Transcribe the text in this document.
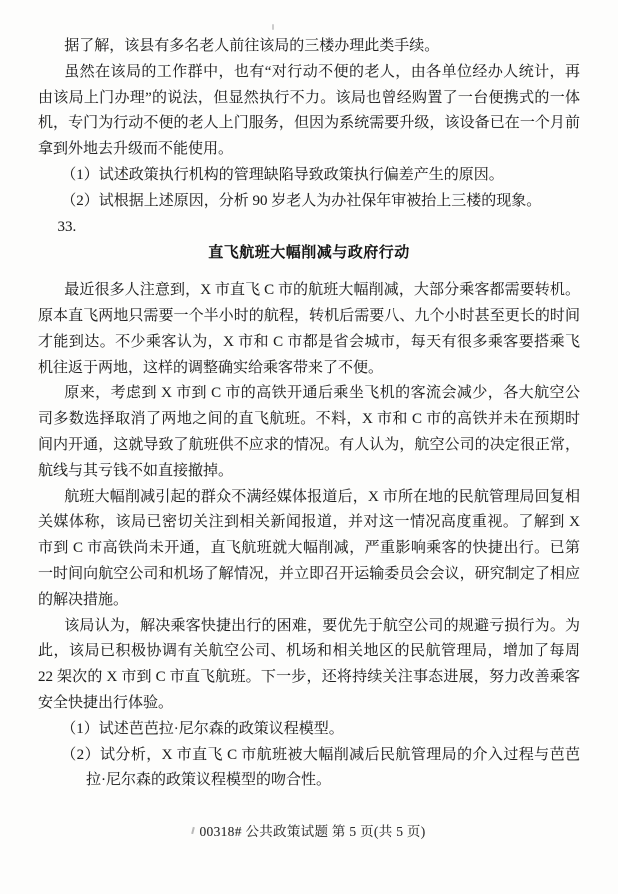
据了解，该县有多名老人前往该局的三楼办理此类手续。

虽然在该局的工作群中，也有“对行动不便的老人，由各单位经办人统计，再由该局上门办理”的说法，但显然执行不力。该局也曾经购置了一台便携式的一体机，专门为行动不便的老人上门服务，但因为系统需要升级，该设备已在一个月前拿到外地去升级而不能使用。

（1）试述政策执行机构的管理缺陷导致政策执行偏差产生的原因。

（2）试根据上述原因，分析 90 岁老人为办社保年审被抬上三楼的现象。

33.

直飞航班大幅削减与政府行动

最近很多人注意到，X 市直飞 C 市的航班大幅削减，大部分乘客都需要转机。原本直飞两地只需要一个半小时的航程，转机后需要八、九个小时甚至更长的时间才能到达。不少乘客认为，X 市和 C 市都是省会城市，每天有很多乘客要搭乘飞机往返于两地，这样的调整确实给乘客带来了不便。

原来，考虑到 X 市到 C 市的高铁开通后乘坐飞机的客流会减少，各大航空公司多数选择取消了两地之间的直飞航班。不料，X 市和 C 市的高铁并未在预期时间内开通，这就导致了航班供不应求的情况。有人认为，航空公司的决定很正常，航线与其亏钱不如直接撤掉。

航班大幅削减引起的群众不满经媒体报道后，X 市所在地的民航管理局回复相关媒体称，该局已密切关注到相关新闻报道，并对这一情况高度重视。了解到 X 市到 C 市高铁尚未开通，直飞航班就大幅削减，严重影响乘客的快捷出行。已第一时间向航空公司和机场了解情况，并立即召开运输委员会会议，研究制定了相应的解决措施。

该局认为，解决乘客快捷出行的困难，要优先于航空公司的规避亏损行为。为此，该局已积极协调有关航空公司、机场和相关地区的民航管理局，增加了每周 22 架次的 X 市到 C 市直飞航班。下一步，还将持续关注事态进展，努力改善乘客安全快捷出行体验。

（1）试述芭芭拉·尼尔森的政策议程模型。

（2）试分析，X 市直飞 C 市航班被大幅削减后民航管理局的介入过程与芭芭拉·尼尔森的政策议程模型的吻合性。

00318# 公共政策试题 第 5 页(共 5 页)
